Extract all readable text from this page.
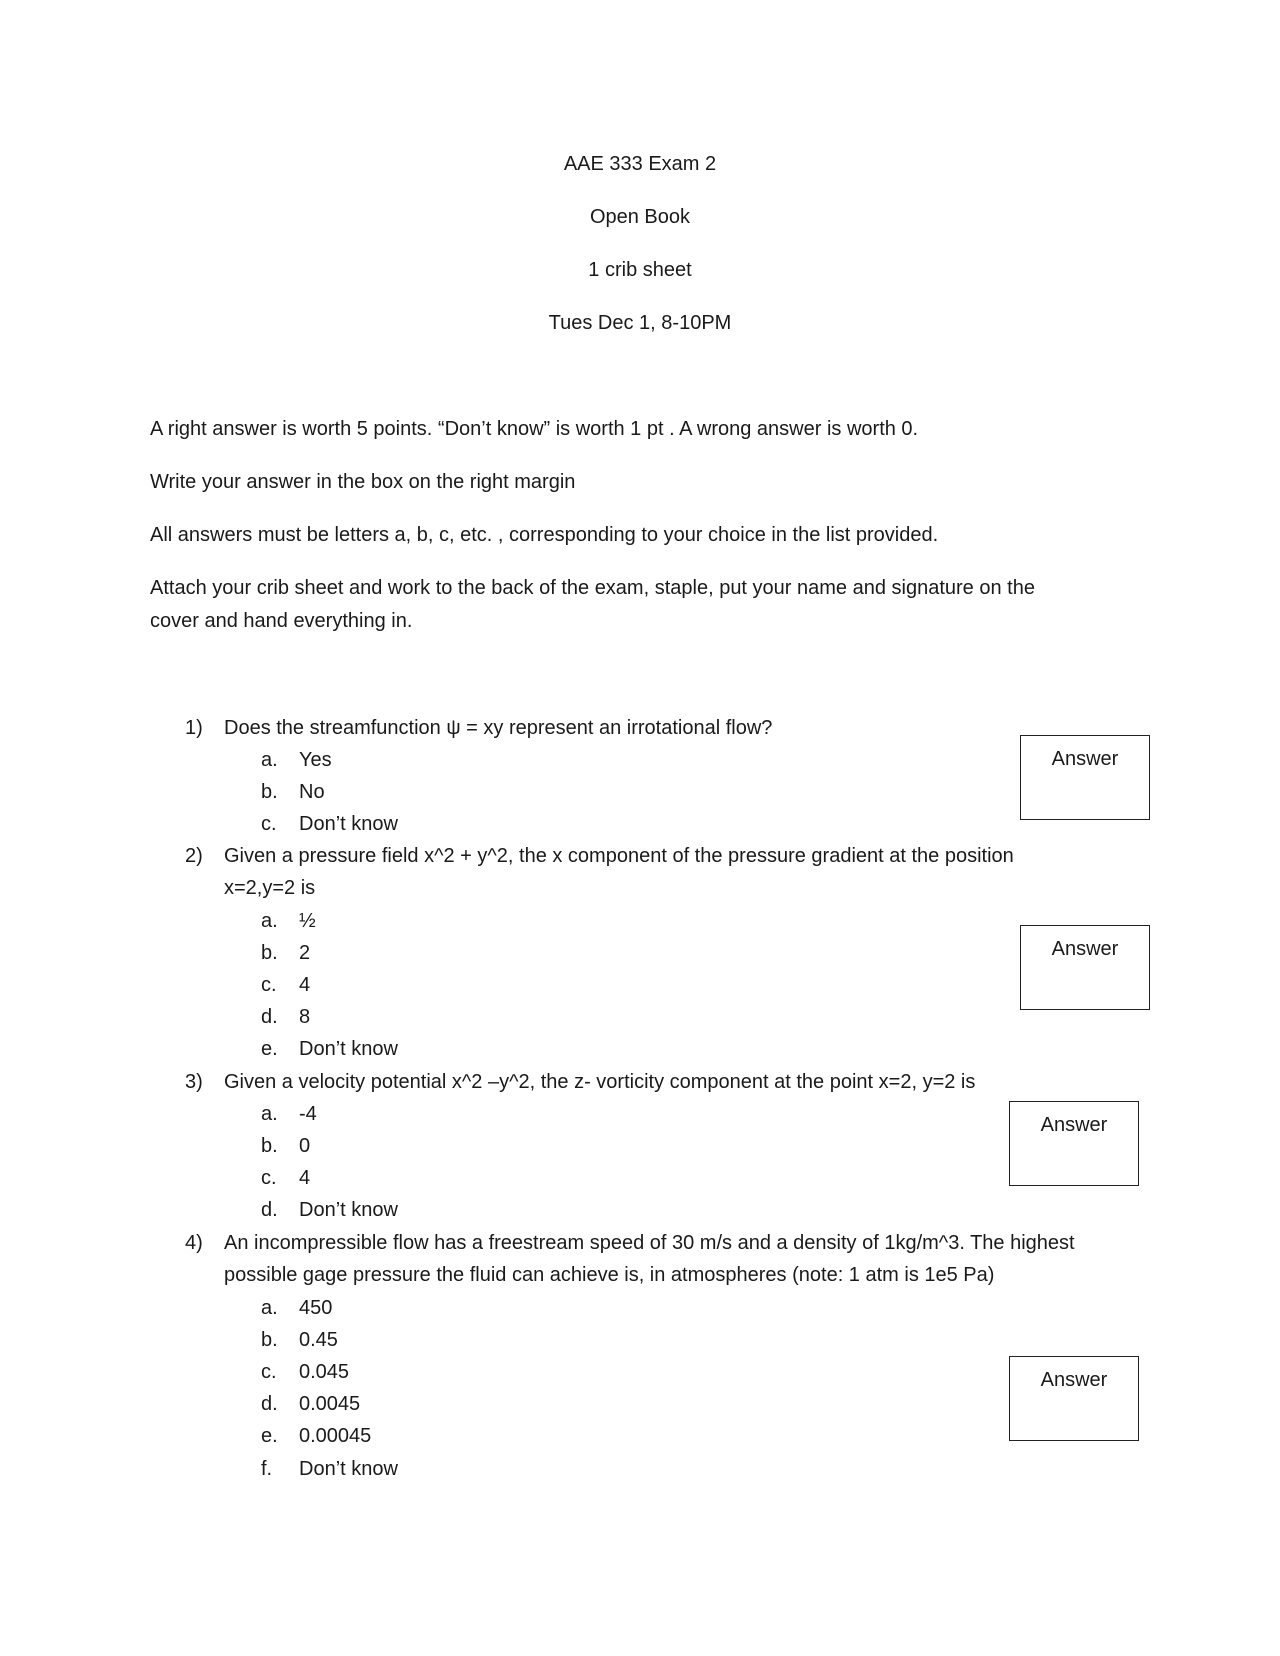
AAE 333 Exam 2
Open Book
1 crib sheet
Tues Dec 1, 8-10PM
A right answer is worth 5 points. “Don’t know” is worth 1 pt . A wrong answer is worth 0.
Write your answer in the box on the right margin
All answers must be letters a, b, c, etc. , corresponding to your choice in the list provided.
Attach your crib sheet and work to the back of the exam, staple, put your name and signature on the
cover and hand everything in.
1) Does the streamfunction ψ = xy represent an irrotational flow?
a. Yes
b. No
c. Don’t know
Answer
2) Given a pressure field x^2 + y^2, the x component of the pressure gradient at the position
x=2,y=2 is
a. ½
b. 2
c. 4
d. 8
e. Don’t know
Answer
3) Given a velocity potential x^2 –y^2, the z- vorticity component at the point x=2, y=2 is
a. -4
b. 0
c. 4
d. Don’t know
Answer
4) An incompressible flow has a freestream speed of 30 m/s and a density of 1kg/m^3. The highest
possible gage pressure the fluid can achieve is, in atmospheres (note: 1 atm is 1e5 Pa)
a. 450
b. 0.45
c. 0.045
d. 0.0045
e. 0.00045
f. Don’t know
Answer
